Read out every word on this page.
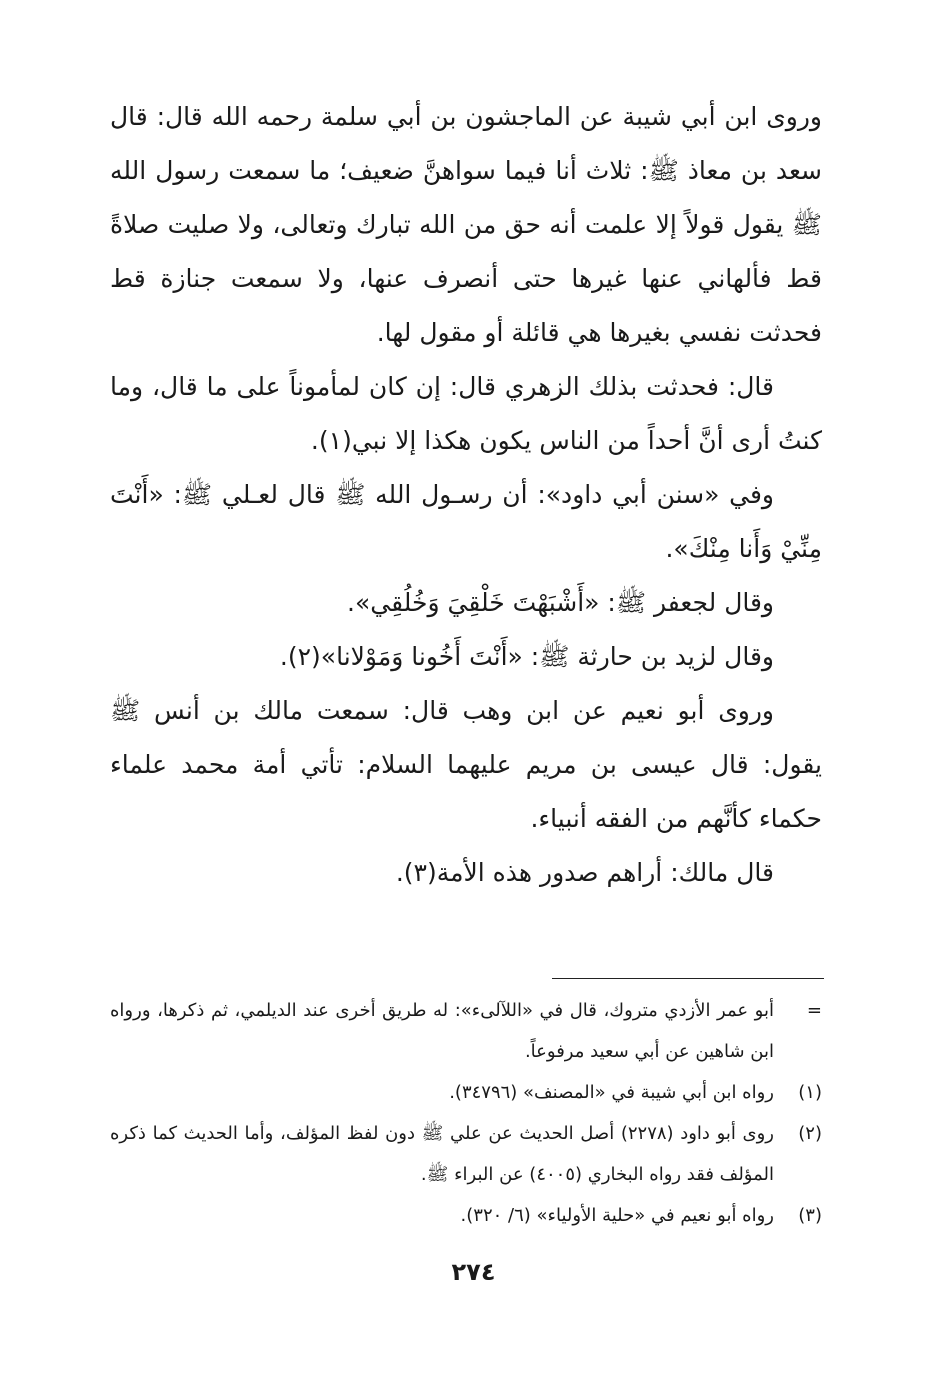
وروى ابن أبي شيبة عن الماجشون بن أبي سلمة رحمه الله قال: قال سعد بن معاذ ﷺ: ثلاث أنا فيما سواهنَّ ضعيف؛ ما سمعت رسول الله ﷺ يقول قولاً إلا علمت أنه حق من الله تبارك وتعالى، ولا صليت صلاةً قط فألهاني عنها غيرها حتى أنصرف عنها، ولا سمعت جنازة قط فحدثت نفسي بغيرها هي قائلة أو مقول لها.

قال: فحدثت بذلك الزهري قال: إن كان لمأموناً على ما قال، وما كنتُ أرى أنَّ أحداً من الناس يكون هكذا إلا نبي(١).

وفي «سنن أبي داود»: أن رسـول الله ﷺ قال لعـلي ﷺ: «أَنْتَ مِنِّيْ وَأَنا مِنْكَ».

وقال لجعفر ﷺ: «أَشْبَهْتَ خَلْقِيَ وَخُلُقِي».

وقال لزيد بن حارثة ﷺ: «أَنْتَ أَخُونا وَمَوْلانا»(٢).

وروى أبو نعيم عن ابن وهب قال: سمعت مالك بن أنس ﷺ يقول: قال عيسى بن مريم عليهما السلام: تأتي أمة محمد علماء حكماء كأنَّهم من الفقه أنبياء.

قال مالك: أراهم صدور هذه الأمة(٣).

=
أبو عمر الأزدي متروك، قال في «اللآلىء»: له طريق أخرى عند الديلمي، ثم ذكرها، ورواه ابن شاهين عن أبي سعيد مرفوعاً.
(١)
رواه ابن أبي شيبة في «المصنف» (٣٤٧٩٦).
(٢)
روى أبو داود (٢٢٧٨) أصل الحديث عن علي ﷺ دون لفظ المؤلف، وأما الحديث كما ذكره المؤلف فقد رواه البخاري (٤٠٠٥) عن البراء ﷺ.
(٣)
رواه أبو نعيم في «حلية الأولياء» (٦/ ٣٢٠).
٢٧٤
